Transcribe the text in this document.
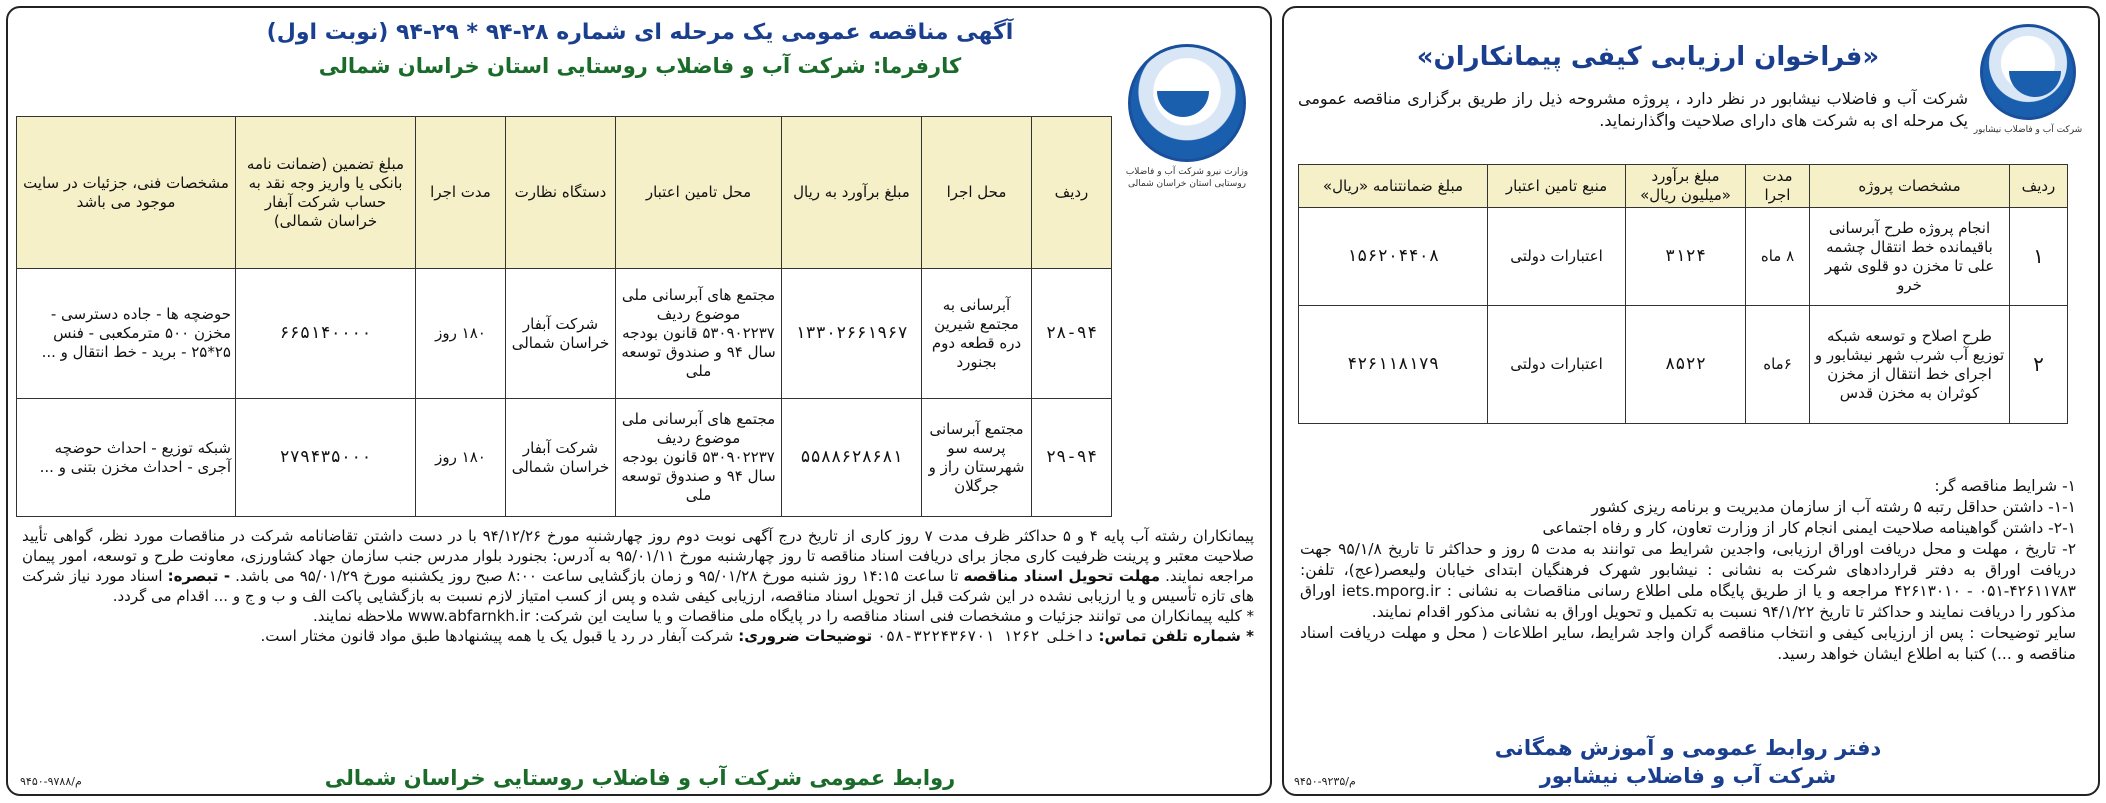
شرکت آب و فاضلاب نیشابور
«فراخوان ارزیابی کیفی پیمانکاران»
شرکت آب و فاضلاب نیشابور در نظر دارد ، پروژه مشروحه ذیل راز طریق برگزاری مناقصه عمومی یک مرحله ای به شرکت های دارای صلاحیت واگذارنماید.
ردیف	مشخصات پروژه	مدت اجرا	مبلغ برآورد «میلیون ریال»	منبع تامین اعتبار	مبلغ ضمانتنامه «ریال»
۱	انجام پروژه طرح آبرسانی باقیمانده خط انتقال چشمه علی تا مخزن دو قلوی شهر خرو	۸ ماه	۳۱۲۴	اعتبارات دولتی	۱۵۶۲۰۴۴۰۸
۲	طرح اصلاح و توسعه شبکه توزیع آب شرب شهر نیشابور و اجرای خط انتقال از مخزن کوثران به مخزن قدس	۶ماه	۸۵۲۲	اعتبارات دولتی	۴۲۶۱۱۸۱۷۹

۱- شرایط مناقصه گر:

۱-۱- داشتن حداقل رتبه ۵ رشته آب از سازمان مدیریت و برنامه ریزی کشور

۲-۱- داشتن گواهینامه صلاحیت ایمنی انجام کار از وزارت تعاون، کار و رفاه اجتماعی

۲- تاریخ ، مهلت و محل دریافت اوراق ارزیابی، واجدین شرایط می توانند به مدت ۵ روز و حداکثر تا تاریخ ۹۵/۱/۸ جهت دریافت اوراق به دفتر قراردادهای شرکت به نشانی : نیشابور شهرک فرهنگیان ابتدای خیابان ولیعصر(عج)، تلفن: ۴۲۶۱۱۷۸۳-۰۵۱ - ۴۲۶۱۳۰۱۰ مراجعه و یا از طریق پایگاه ملی اطلاع رسانی مناقصات به نشانی : iets.mporg.ir اوراق مذکور را دریافت نمایند و حداکثر تا تاریخ ۹۴/۱/۲۲ نسبت به تکمیل و تحویل اوراق به نشانی مذکور اقدام نمایند.

سایر توضیحات : پس از ارزیابی کیفی و انتخاب مناقصه گران واجد شرایط، سایر اطلاعات ( محل و مهلت دریافت اسناد مناقصه و ...) کتبا به اطلاع ایشان خواهد رسید.

دفتر روابط عمومی و آموزش همگانی
شرکت آب و فاضلاب نیشابور
۹۴۵۰-۹۲۳۵/م
وزارت نیرو شرکت آب و فاضلاب روستایی استان خراسان شمالی
آگهی مناقصه عمومی یک مرحله ای شماره ۲۸-۹۴ * ۲۹-۹۴ (نوبت اول)
کارفرما: شرکت آب و فاضلاب روستایی استان خراسان شمالی
ردیف	محل اجرا	مبلغ برآورد به ریال	محل تامین اعتبار	دستگاه نظارت	مدت اجرا	مبلغ تضمین (ضمانت نامه بانکی یا واریز وجه نقد به حساب شرکت آبفار خراسان شمالی)	مشخصات فنی، جزئیات در سایت موجود می باشد
۲۸-۹۴	آبرسانی به مجتمع شیرین دره قطعه دوم بجنورد	۱۳۳۰۲۶۶۱۹۶۷	مجتمع های آبرسانی ملی موضوع ردیف ۵۳۰۹۰۲۲۳۷ قانون بودجه سال ۹۴ و صندوق توسعه ملی	شرکت آبفار خراسان شمالی	۱۸۰ روز	۶۶۵۱۴۰۰۰۰	حوضچه ها - جاده دسترسی - مخزن ۵۰۰ مترمکعبی - فنس ۲۵*۲۵ - برید - خط انتقال و ...
۲۹-۹۴	مجتمع آبرسانی پرسه سو شهرستان راز و جرگلان	۵۵۸۸۶۲۸۶۸۱	مجتمع های آبرسانی ملی موضوع ردیف ۵۳۰۹۰۲۲۳۷ قانون بودجه سال ۹۴ و صندوق توسعه ملی	شرکت آبفار خراسان شمالی	۱۸۰ روز	۲۷۹۴۳۵۰۰۰	شبکه توزیع - احداث حوضچه آجری - احداث مخزن بتنی و ...

پیمانکاران رشته آب پایه ۴ و ۵ حداکثر ظرف مدت ۷ روز کاری از تاریخ درج آگهی نوبت دوم روز چهارشنبه مورخ ۹۴/۱۲/۲۶ با در دست داشتن تقاضانامه شرکت در مناقصات مورد نظر، گواهی تأیید صلاحیت معتبر و پرینت ظرفیت کاری مجاز برای دریافت اسناد مناقصه تا روز چهارشنبه مورخ ۹۵/۰۱/۱۱ به آدرس: بجنورد بلوار مدرس جنب سازمان جهاد کشاورزی، معاونت طرح و توسعه، امور پیمان مراجعه نمایند. مهلت تحویل اسناد مناقصه تا ساعت ۱۴:۱۵ روز شنبه مورخ ۹۵/۰۱/۲۸ و زمان بازگشایی ساعت ۸:۰۰ صبح روز یکشنبه مورخ ۹۵/۰۱/۲۹ می باشد. - تبصره: اسناد مورد نیاز شرکت های تازه تأسیس و یا ارزیابی نشده در این شرکت قبل از تحویل اسناد مناقصه، ارزیابی کیفی شده و پس از کسب امتیاز لازم نسبت به بازگشایی پاکت الف و ب و ج و ... اقدام می گردد.

* کلیه پیمانکاران می توانند جزئیات و مشخصات فنی اسناد مناقصه را در پایگاه ملی مناقصات و یا سایت این شرکت: www.abfarnkh.ir ملاحظه نمایند.

* شماره تلفن تماس: ۰۵۸-۳۲۲۴۳۶۷۰۱ داخلی ۱۲۶۲ توضیحات ضروری: شرکت آبفار در رد یا قبول یک یا همه پیشنهادها طبق مواد قانون مختار است.

روابط عمومی شرکت آب و فاضلاب روستایی خراسان شمالی
۹۴۵۰-۹۷۸۸/م
